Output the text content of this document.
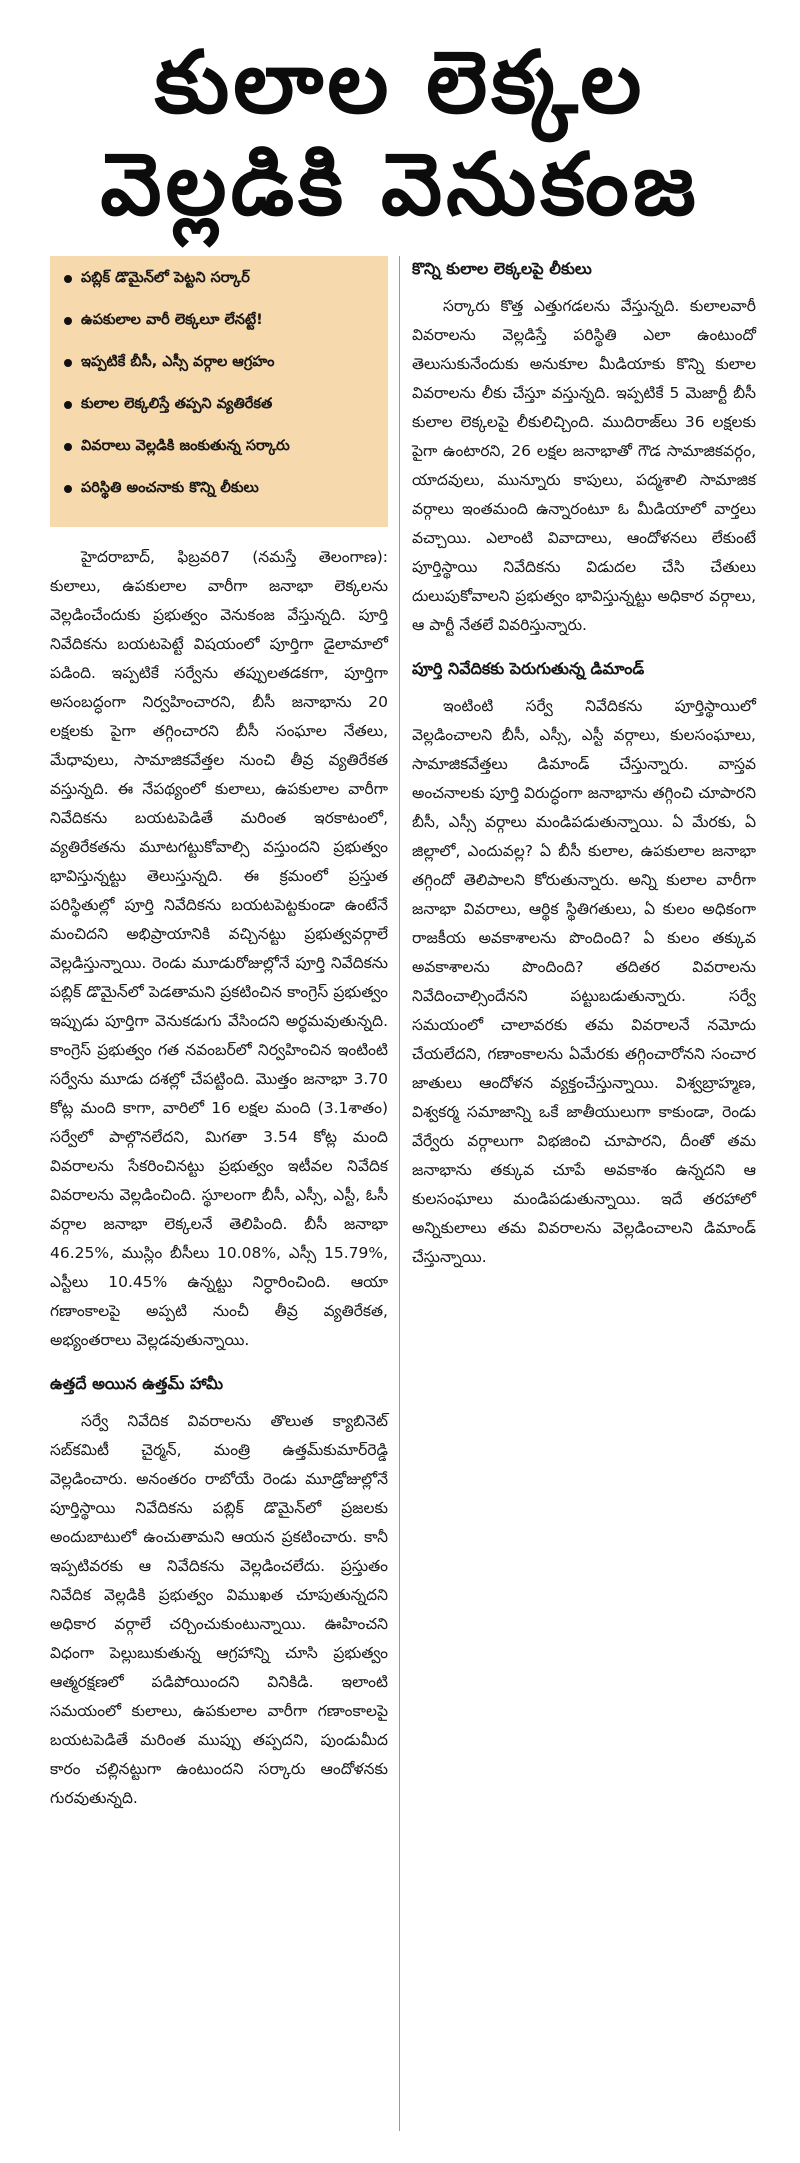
కులాల లెక్కల
వెల్లడికి వెనుకంజ
పబ్లిక్ డొమైన్‌లో పెట్టని సర్కార్
ఉపకులాల వారీ లెక్కలూ లేనట్టే!
ఇప్పటికే బీసీ, ఎస్సీ వర్గాల ఆగ్రహం
కులాల లెక్కలిస్తే తప్పని వ్యతిరేకత
వివరాలు వెల్లడికి జంకుతున్న సర్కారు
పరిస్థితి అంచనాకు కొన్ని లీకులు

హైదరాబాద్, ఫిబ్రవరి7 (నమస్తే తెలంగాణ): కులాలు, ఉపకులాల వారీగా జనాభా లెక్కలను వెల్లడించేందుకు ప్రభుత్వం వెనుకంజ వేస్తున్నది. పూర్తి నివేదికను బయటపెట్టే విషయంలో పూర్తిగా డైలామాలో పడింది. ఇప్పటికే సర్వేను తప్పులతడకగా, పూర్తిగా అసంబద్ధంగా నిర్వహించారని, బీసీ జనాభాను 20 లక్షలకు పైగా తగ్గించారని బీసీ సంఘాల నేతలు, మేధావులు, సామాజికవేత్తల నుంచి తీవ్ర వ్యతిరేకత వస్తున్నది. ఈ నేపథ్యంలో కులాలు, ఉపకులాల వారీగా నివేదికను బయటపెడితే మరింత ఇరకాటంలో, వ్యతిరేకతను మూటగట్టుకోవాల్సి వస్తుందని ప్రభుత్వం భావిస్తున్నట్టు తెలుస్తున్నది. ఈ క్రమంలో ప్రస్తుత పరిస్థితుల్లో పూర్తి నివేదికను బయటపెట్టకుండా ఉంటేనే మంచిదని అభిప్రాయానికి వచ్చినట్టు ప్రభుత్వవర్గాలే వెల్లడిస్తున్నాయి. రెండు మూడురోజుల్లోనే పూర్తి నివేదికను పబ్లిక్ డొమైన్‌లో పెడతామని ప్రకటించిన కాంగ్రెస్ ప్రభుత్వం ఇప్పుడు పూర్తిగా వెనుకడుగు వేసిందని అర్థమవుతున్నది. కాంగ్రెస్ ప్రభుత్వం గత నవంబర్‌లో నిర్వహించిన ఇంటింటి సర్వేను మూడు దశల్లో చేపట్టింది. మొత్తం జనాభా 3.70 కోట్ల మంది కాగా, వారిలో 16 లక్షల మంది (3.1శాతం) సర్వేలో పాల్గొనలేదని, మిగతా 3.54 కోట్ల మంది వివరాలను సేకరించినట్టు ప్రభుత్వం ఇటీవల నివేదిక వివరాలను వెల్లడించింది. స్థూలంగా బీసీ, ఎస్సీ, ఎస్టీ, ఓసీ వర్గాల జనాభా లెక్కలనే తెలిపింది. బీసీ జనాభా 46.25%, ముస్లిం బీసీలు 10.08%, ఎస్సీ 15.79%, ఎస్టీలు 10.45% ఉన్నట్టు నిర్ధారించింది. ఆయా గణాంకాలపై అప్పటి నుంచీ తీవ్ర వ్యతిరేకత, అభ్యంతరాలు వెల్లడవుతున్నాయి.

ఉత్తదే అయిన ఉత్తమ్ హామీ

సర్వే నివేదిక వివరాలను తొలుత క్యాబినెట్ సబ్‌కమిటీ చైర్మన్, మంత్రి ఉత్తమ్‌కుమార్‌రెడ్డి వెల్లడించారు. అనంతరం రాబోయే రెండు మూడ్రోజుల్లోనే పూర్తిస్థాయి నివేదికను పబ్లిక్ డొమైన్‌లో ప్రజలకు అందుబాటులో ఉంచుతామని ఆయన ప్రకటించారు. కానీ ఇప్పటివరకు ఆ నివేదికను వెల్లడించలేదు. ప్రస్తుతం నివేదిక వెల్లడికి ప్రభుత్వం విముఖత చూపుతున్నదని అధికార వర్గాలే చర్చించుకుంటున్నాయి. ఊహించని విధంగా పెల్లుబుకుతున్న ఆగ్రహాన్ని చూసి ప్రభుత్వం ఆత్మరక్షణలో పడిపోయిందని వినికిడి. ఇలాంటి సమయంలో కులాలు, ఉపకులాల వారీగా గణాంకాలపై బయటపెడితే మరింత ముప్పు తప్పదని, పుండుమీద కారం చల్లినట్టుగా ఉంటుందని సర్కారు ఆందోళనకు గురవుతున్నది.

కొన్ని కులాల లెక్కలపై లీకులు

సర్కారు కొత్త ఎత్తుగడలను వేస్తున్నది. కులాలవారీ వివరాలను వెల్లడిస్తే పరిస్థితి ఎలా ఉంటుందో తెలుసుకునేందుకు అనుకూల మీడియాకు కొన్ని కులాల వివరాలను లీకు చేస్తూ వస్తున్నది. ఇప్పటికే 5 మెజార్టీ బీసీ కులాల లెక్కలపై లీకులిచ్చింది. ముదిరాజ్‌లు 36 లక్షలకు పైగా ఉంటారని, 26 లక్షల జనాభాతో గౌడ సామాజికవర్గం, యాదవులు, మున్నూరు కాపులు, పద్మశాలి సామాజిక వర్గాలు ఇంతమంది ఉన్నారంటూ ఓ మీడియాలో వార్తలు వచ్చాయి. ఎలాంటి వివాదాలు, ఆందోళనలు లేకుంటే పూర్తిస్థాయి నివేదికను విడుదల చేసి చేతులు దులుపుకోవాలని ప్రభుత్వం భావిస్తున్నట్టు అధికార వర్గాలు, ఆ పార్టీ నేతలే వివరిస్తున్నారు.

పూర్తి నివేదికకు పెరుగుతున్న డిమాండ్

ఇంటింటి సర్వే నివేదికను పూర్తిస్థాయిలో వెల్లడించాలని బీసీ, ఎస్సీ, ఎస్టీ వర్గాలు, కులసంఘాలు, సామాజికవేత్తలు డిమాండ్ చేస్తున్నారు. వాస్తవ అంచనాలకు పూర్తి విరుద్ధంగా జనాభాను తగ్గించి చూపారని బీసీ, ఎస్సీ వర్గాలు మండిపడుతున్నాయి. ఏ మేరకు, ఏ జిల్లాలో, ఎందువల్ల? ఏ బీసీ కులాల, ఉపకులాల జనాభా తగ్గిందో తెలిపాలని కోరుతున్నారు. అన్ని కులాల వారీగా జనాభా వివరాలు, ఆర్థిక స్థితిగతులు, ఏ కులం అధికంగా రాజకీయ అవకాశాలను పొందింది? ఏ కులం తక్కువ అవకాశాలను పొందింది? తదితర వివరాలను నివేదించాల్సిందేనని పట్టుబడుతున్నారు. సర్వే సమయంలో చాలావరకు తమ వివరాలనే నమోదు చేయలేదని, గణాంకాలను ఏమేరకు తగ్గించారోనని సంచార జాతులు ఆందోళన వ్యక్తంచేస్తున్నాయి. విశ్వబ్రాహ్మణ, విశ్వకర్మ సమాజాన్ని ఒకే జాతీయులుగా కాకుండా, రెండు వేర్వేరు వర్గాలుగా విభజించి చూపారని, దీంతో తమ జనాభాను తక్కువ చూపే అవకాశం ఉన్నదని ఆ కులసంఘాలు మండిపడుతున్నాయి. ఇదే తరహాలో అన్నికులాలు తమ వివరాలను వెల్లడించాలని డిమాండ్ చేస్తున్నాయి.
